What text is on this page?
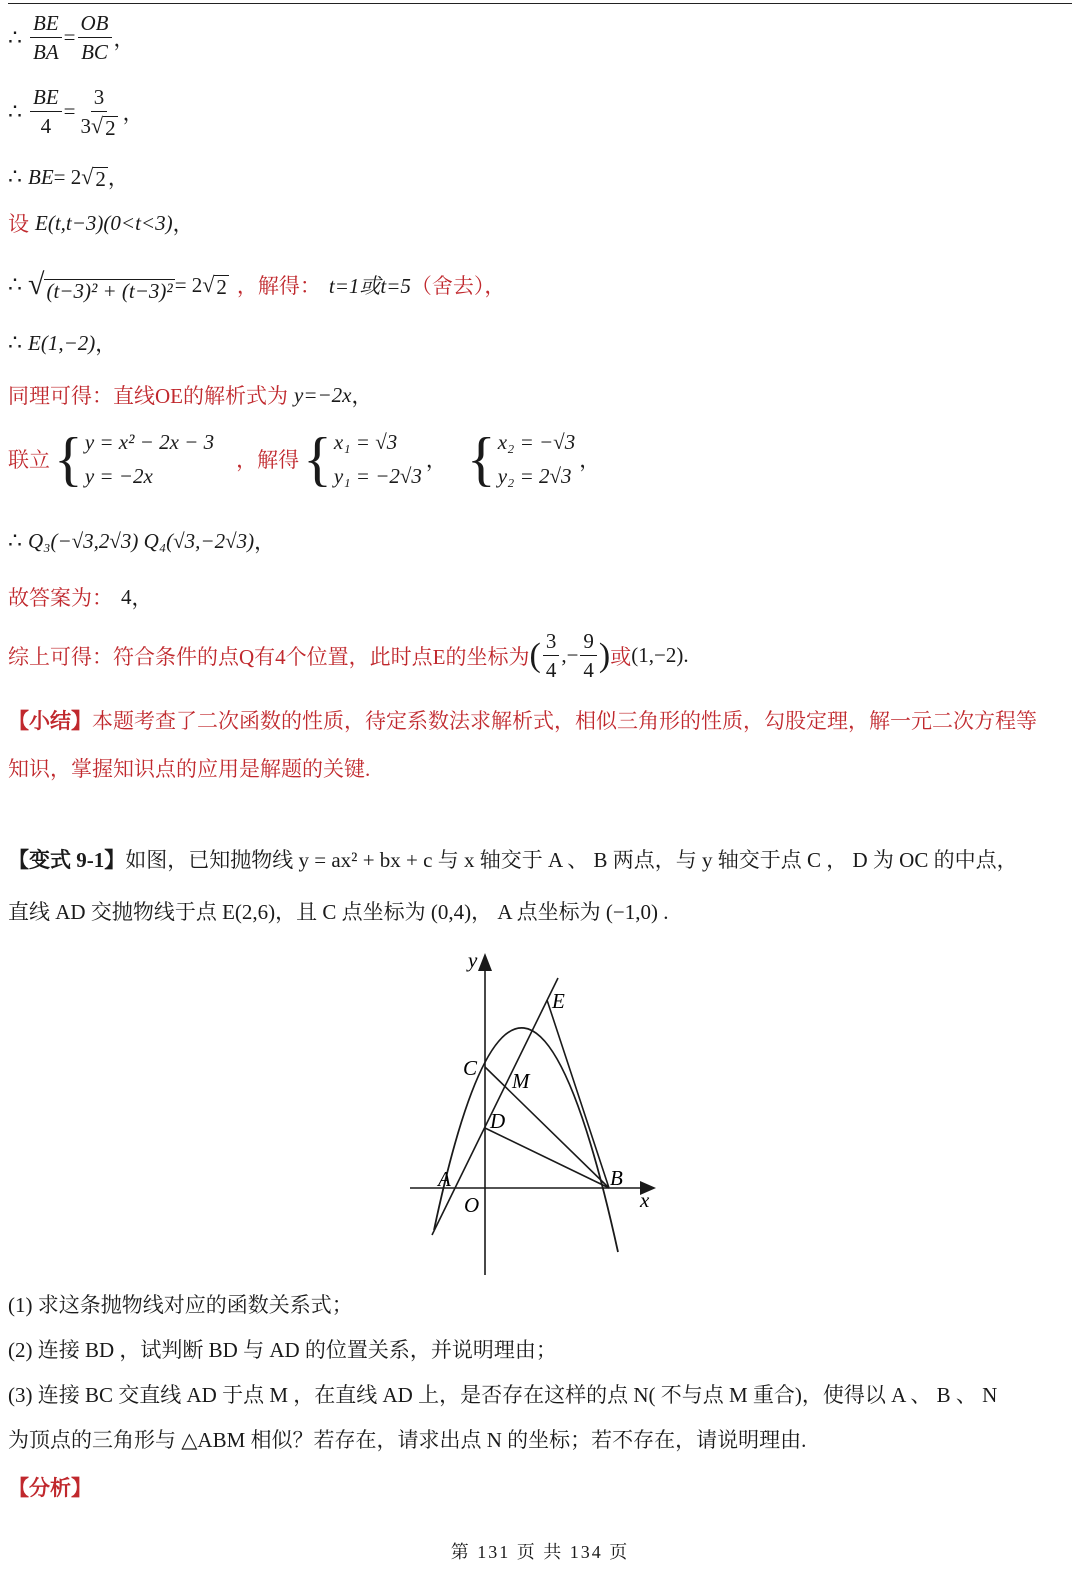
∴ $\frac{BE}{BA} = \frac{OB}{BC}$ ，
∴ $\frac{BE}{4} = \frac{3}{3 √ 2}$ ，
∴ BE = 2 √ 2 ，
设 E(t,t−3)(0<t<3) ，
∴ √ (t−3)² + (t−3)² = 2 √ 2 ，解得： t=1或t=5 （舍去），
∴ E(1,−2) ，
同理可得：直线OE的解析式为 y=−2x ，
联立 { y = x² − 2x − 3
y = −2x
，解得 { x₁ = √3
y₁ = −2√3
， { x₂ = −√3
y₂ = 2√3
，
∴ Q₃(−√3,2√3) Q₄(√3,−2√3) ，
故答案为： 4 ，
综上可得：符合条件的点Q有4个位置，此时点E的坐标为 ( $\frac{3}{4}$ ,− $\frac{9}{4}$ ) 或 (1,−2) .
【小结】本题考查了二次函数的性质，待定系数法求解析式，相似三角形的性质，勾股定理，解一元二次方程等知识，掌握知识点的应用是解题的关键.
【变式 9-1】如图，已知抛物线 y = ax² + bx + c 与 x 轴交于 A 、 B 两点，与 y 轴交于点 C ， D 为 OC 的中点，
直线 AD 交抛物线于点 E(2,6)，且 C 点坐标为 (0,4)， A 点坐标为 (−1,0) .
y
x
E
C
M
D
A	B
O
(1) 求这条抛物线对应的函数关系式；
(2) 连接 BD ，试判断 BD 与 AD 的位置关系，并说明理由；
(3) 连接 BC 交直线 AD 于点 M ，在直线 AD 上，是否存在这样的点 N( 不与点 M 重合)，使得以 A 、 B 、 N
为顶点的三角形与 △ABM 相似？若存在，请求出点 N 的坐标；若不存在，请说明理由.
【分析】
第 131 页 共 134 页
